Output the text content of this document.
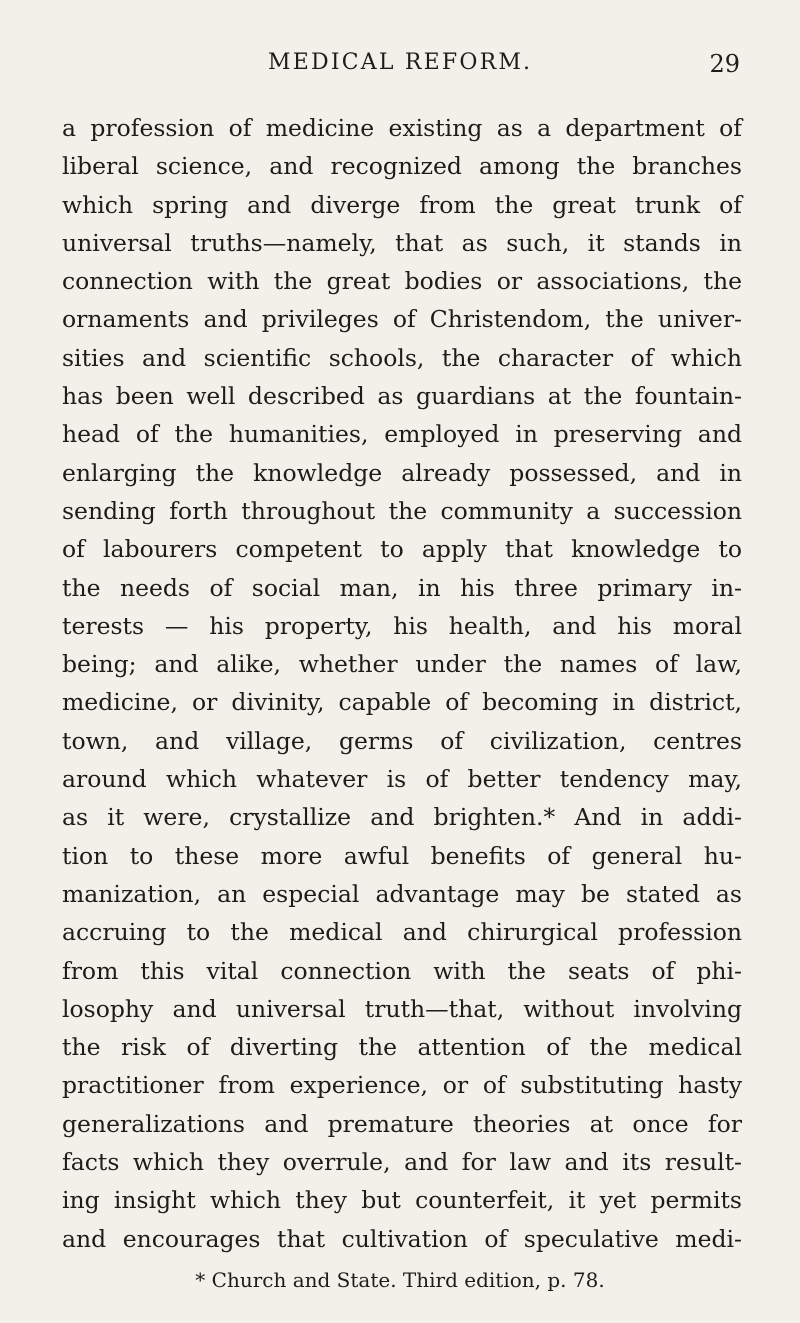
MEDICAL REFORM.	29
a profession of medicine existing as a department of
liberal science, and recognized among the branches
which spring and diverge from the great trunk of
universal truths—namely, that as such, it stands in
connection with the great bodies or associations, the
ornaments and privileges of Christendom, the univer-
sities and scientific schools, the character of which
has been well described as guardians at the fountain-
head of the humanities, employed in preserving and
enlarging the knowledge already possessed, and in
sending forth throughout the community a succession
of labourers competent to apply that knowledge to
the needs of social man, in his three primary in-
terests — his property, his health, and his moral
being; and alike, whether under the names of law,
medicine, or divinity, capable of becoming in district,
town, and village, germs of civilization, centres
around which whatever is of better tendency may,
as it were, crystallize and brighten.* And in addi-
tion to these more awful benefits of general hu-
manization, an especial advantage may be stated as
accruing to the medical and chirurgical profession
from this vital connection with the seats of phi-
losophy and universal truth—that, without involving
the risk of diverting the attention of the medical
practitioner from experience, or of substituting hasty
generalizations and premature theories at once for
facts which they overrule, and for law and its result-
ing insight which they but counterfeit, it yet permits
and encourages that cultivation of speculative medi-
* Church and State. Third edition, p. 78.
